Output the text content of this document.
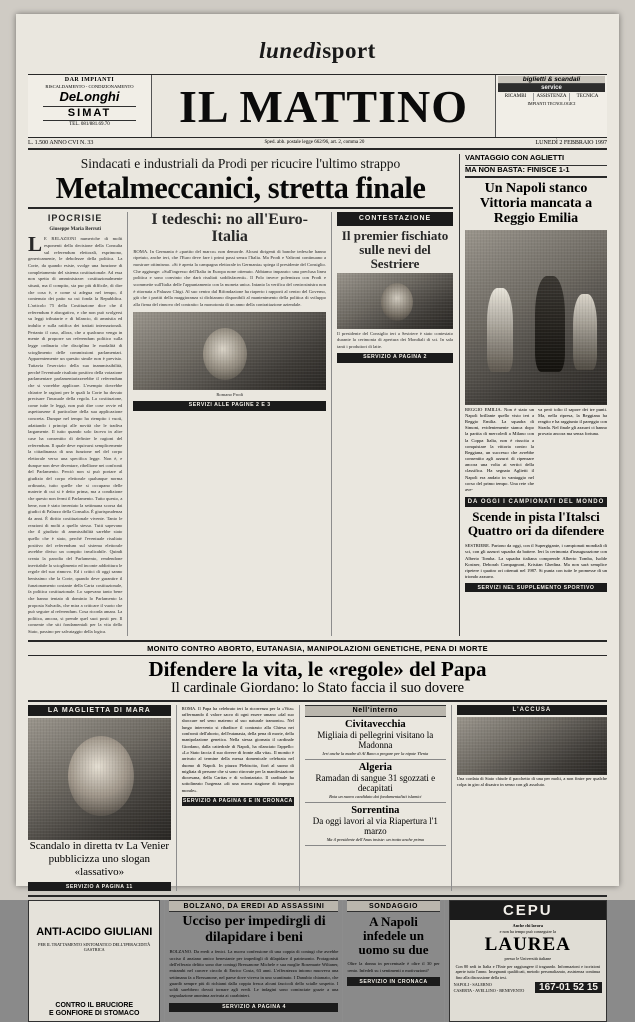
lunedìsport
DAR IMPIANTI
RISCALDAMENTO - CONDIZIONAMENTO
DeLonghi
SIMAT
TEL. 081/881.69.70	IL MATTINO
biglietti & scandali
service
RICAMBI	ASSISTENZA	TECNICA
IMPIANTI TECNOLOGICI
L. 1.500 ANNO CVI N. 33	Sped. abb. postale legge 662/96, art. 2, comma 20	LUNEDÌ 2 FEBBRAIO 1997
Sindacati e industriali da Prodi per ricucire l'ultimo strappo
Metalmeccanici, stretta finale
IPOCRISIE
Giuseppe Maria Berruti
LE RELAZIONI numeriche di molti esponenti della decisione della Consulta sul referendum elettorali, esprimono, genericamente, le debolezze della politica. La Corte, da quando esiste, svolge una funzione di completamento del sistema costituzionale. Ad essa non spetta di amministrare: costituzionalmente situati, ma il compito, sia pur più difficile, di dire che cosa è, e come si adegua nel tempo, il contenuto dei patto su cui fonda la Repubblica. L'articolo 75 della Costituzione dice che il referendum è abrogativo, e che non può svolgersi su leggi tributarie e di bilancio, di amnistia ed indulto e sulla ratifica dei trattati internazionali. Pertanto il caso, allora, che a qualcuno venga in mente di proporre un referendum politico sulla legge ordinaria che disciplina le modalità di scioglimento delle commissioni parlamentari. Apparentemente un quesito simile non è previsto. Tuttavia l'esercizio della sua inammissibilità, perché l'eventuale risultato positivo della votazione parlamentare parlamentarizzerebbe il referendum che si vorrebbe applicare. L'esempio dovrebbe chiarire le ragioni per le quali la Corte ha dovuto precisare l'inusuale della regola. La costituzione, come tutte le leggi, non può dire cose ovvie ed aspettarsene il particolare della sua applicazione concreta. Dunque nel tempo ha riempito i vuoti, adattando i principi alle novità che le tradiva largamente. Il tutto quando solo faceva in altre case ha consentito di definire le ragioni del referendum. Il quale deve equivarsi semplicemente la cittadinanza di una funzione nel del corpo elettorale verso una specifica legge. Non è, e dunque non deve diventare, ribellione nei confronti del Parlamento. Perciò non si può portare al giudizio del corpo elettorale qualunque norma ordinaria, tutto quelle che si occupano delle materie di cui si è detto prima, ma a condizione che questo non fermi il Parlamento. Tutto questo, a bene, non è stato inventato la settimana scorsa dai giudici di Palazzo della Consulta. È giurisprudenza da anni. È diritto costituzionale vivente. Tanto le reazioni di molti a quello stesso. Tutti sapevano che il giudizio di ammissibilità sarebbe stato quello che è stato, perché l'eventuale risultato positivo del referendum sul sistema elettorale avrebbe diviso un compito invalicabile. Quindi creata la parodia del Parlamento, rendendone inevitabile la scioglimento ed inconte addirittura le regole del suo rinnovo. Ed i critici di oggi sanno benissimo che la Corte, quando deve garantire il funzionamento costante della Carta costituzionale, fa politica costituzionale. Lo sapevano tanto bene che hanno tentato di dominio lo Parlamento la proposta Salvadis, che mira a criticare il vuoto che può seguire al referendum. Cosa ricorda amara. La politica, ancora, si prende quel suoi posti per. Il consente che siti fondamentali per la vita dello Stato, passino per salvataggio della logica.
I tedeschi: no all'Euro-Italia
ROMA. In Germania è «partito del marco» non demorde. Alcuni dirigenti di banche tedesche hanno ripetuto, anche ieri, che l'Euro deve fare i primi passi senza l'Italia. Ma Prodi e Valtroni continuano a mostrare ottimismo. «Si è aperta la campagna elettorale in Germania» spiega il presidente del Consiglio. Che aggiunge: «Sull'ingresso dell'Italia in Europa none ottenuto. Abbiamo imparato: una preclusa linea politica e sono convinto che darà risultati soddisfacenti». Il Polo invece polemizza con Prodi e scommette sull'Italia delle l'appuntamento con la moneta unica. Intanto la verifica del centrosinistra non è ritornata a Palazzo Chigi. Al suo centro dal Rifondazione ha riaperto i rapporti al centro del Governo, già che i partiti della maggioranza si dichiarano disponibili al mantenimento della politica di sviluppo alla firma del rinnovo del contratto: la monotonia di un anno della contrattazione aziendale.
Romano Prodi
SERVIZI ALLE PAGINE 2 E 3
CONTESTAZIONE
Il premier fischiato sulle nevi del Sestriere
Il presidente del Consiglio ieri a Sestriere è stato contestato durante la cerimonia di apertura dei Mondiali di sci. In sala tanti i produttori di latte.
SERVIZIO A PAGINA 2
VANTAGGIO CON AGLIETTI
MA NON BASTA: FINISCE 1-1
Un Napoli stanco Vittoria mancata a Reggio Emilia
REGGIO EMILIA. Non è stato un Napoli brillante quello visto ieri a Reggio Emilia. La squadra di Simoni, evidentemente stanca dopo la partita di mercoledì a Milano con la Coppa Italia, non è riuscita a conquistare la vittoria contro la Reggiana, un successo che avrebbe consentito agli azzurri di ripensare ancora una volta ai vertici della classifica. Ha segnato Aglietti il Napoli era andato in vantaggio nel corso del primo tempo. Una rete che ave-
va però tolto il sapore dei tre punti. Ma, nella ripresa, la Reggiana ha reagito e ha raggiunto il pareggio con Strada. Nel finale gli azzurri ci hanno provato ancora ma senza fortuna.
DA OGGI I CAMPIONATI DEL MONDO
Scende in pista l'Italsci Quattro ori da difendere
SESTRIERE. Partono da oggi, con il Supergigante, i campionati mondiali di sci, con gli azzurri squadra da battere. Ieri la cerimonia d'inaugurazione con Alberto Tomba. La squadra italiana comprende Alberto Tomba, Isolde Kostner, Deborah Compagnoni, Kristian Ghedina. Ma non sarà semplice ripetere i quattro ori ottenuti nel 1987. Si punta con tutte le promesse di un triondo azzurro.
SERVIZI NEL SUPPLEMENTO SPORTIVO
MONITO CONTRO ABORTO, EUTANASIA, MANIPOLAZIONI GENETICHE, PENA DI MORTE
Difendere la vita, le «regole» del Papa
Il cardinale Giordano: lo Stato faccia il suo dovere
LA MAGLIETTA DI MARA
Scandalo in diretta tv La Venier pubblicizza uno slogan «lassativo»
SERVIZIO A PAGINA 11
ROMA. Il Papa ha celebrato ieri la ricorrenza per la «Vita» raffermando il valore sacro di ogni essere umano «dal suo sboccare nel seno materno al suo naturale tramonto». Nel lungo intervento si ribadisce il contrasto alla Chiesa nei confronti dell'aborto, dell'eutanasia, della pena di morte, della manipolazione genetica. Nella stessa giornata il cardinale Giordano, dalla cattedrale di Napoli, ha rilanciato l'appello: «Lo Stato faccia il suo dovere di fronte alla vita». Il monito è arrivato al termine della messa domenicale celebrata nel duomo di Napoli. In piazza Plebiscito, fiorì al suono di migliaia di persone che si sono ritrovate per la manifestazione diocesana, della Caritas e di volontariato. Il cardinale ha sottolineato l'urgenza «di una nuova stagione di impegno morale».
SERVIZIO A PAGINA 6 E IN CRONACA
Nell'interno
Civitavecchia
Migliaia di pellegrini visitano la Madonna
Ieri anche la madre di Al Bano a pregare per la nipote Ylenia
Algeria
Ramadan di sangue 31 sgozzati e decapitati
Boia un nuovo candidato dai fondamentalisti islamici
Sorrentina
Da oggi lavori al via Riapertura l'1 marzo
Ma il presidente dell'Anas insiste: un tratto anche prima
L'ACCUSA
Una cordata di Stato chiude il pacchetto di una per molti, a non finire per qualche colpa in giro al disastro in senso con gli assoluto.
ANTI-ACIDO GIULIANI
PER IL TRATTAMENTO SINTOMATICO DELL'IPERACIDITÀ GASTRICA
CONTRO IL BRUCIORE
E GONFIORE DI STOMACO
BOLZANO, DA EREDI AD ASSASSINI
Ucciso per impedirgli di dilapidare i beni
BOLZANO. Da eredi a fenici. La nuova confessione di una coppia di coniugi che avrebbe ucciso il anziano amico benestante per impedirgli di dilapidare il patrimonio. Protagonisti dell'efferato delitto sono due coniugi Bressanone Michele e sua moglie Rosemarie Wiltaner, entrambi nel carcere circolo di Enrico Costa, 63 anni. L'efferatezza intorno muoveva una settimana fa a Bressanone, nel paese dove viveva in uno scantinato. I Danubio chiamato, che guardò sempre più di richiami dalla coppia fresca alcuni fascicoli dello scialle sospetto. I soldi sarebbero dovuti tornare agli eredi. Le indagini sono cominciate grazie a una segnalazione anonima arrivata ai carabinieri.
SERVIZIO A PAGINA 4
SONDAGGIO
A Napoli infedele un uomo su due
Oltre la donna in percentuale è oltre il 30 per cento. Infedeli su i sentimenti o motivazioni?
SERVIZIO IN CRONACA
CEPU
Anche chi lavora
e non ha tempo può conseguire la
LAUREA
presso le Università italiane
Con 80 sedi in Italia e l'Ente per raggiungere il traguardo. Informazioni e iscrizioni aperte tutto l'anno. Insegnanti qualificati, metodo personalizzato, assistenza continua fino alla discussione della tesi.
NAPOLI - SALERNO
CASERTA - AVELLINO - BENEVENTO	167-01 52 15
